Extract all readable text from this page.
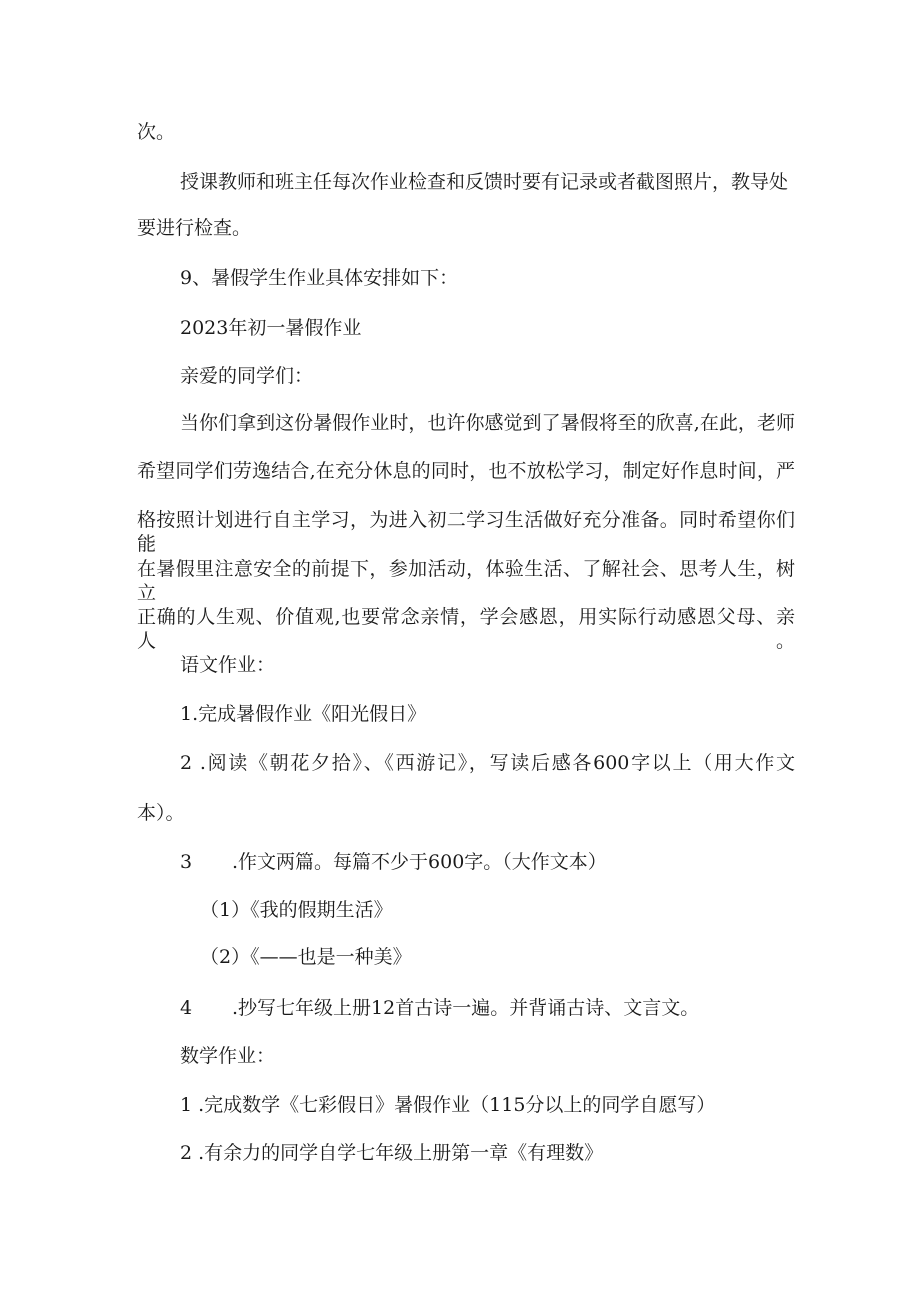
次。

授课教师和班主任每次作业检查和反馈时要有记录或者截图照片，教导处

要进行检查。

9、暑假学生作业具体安排如下：

2023年初一暑假作业

亲爱的同学们：

当你们拿到这份暑假作业时，也许你感觉到了暑假将至的欣喜,在此，老师

希望同学们劳逸结合,在充分休息的同时，也不放松学习，制定好作息时间，严

格按照计划进行自主学习，为进入初二学习生活做好充分准备。同时希望你们能

在暑假里注意安全的前提下，参加活动，体验生活、了解社会、思考人生，树立

正确的人生观、价值观,也要常念亲情，学会感恩，用实际行动感恩父母、亲人。

语文作业：

1.完成暑假作业《阳光假日》

2 .阅读《朝花夕拾》、《西游记》，写读后感各600字以上（用大作文

本）。

3 .作文两篇。每篇不少于600字。（大作文本）

（1）《我的假期生活》

（2）《——也是一种美》

4 .抄写七年级上册12首古诗一遍。并背诵古诗、文言文。

数学作业：

1 .完成数学《七彩假日》暑假作业（115分以上的同学自愿写）

2 .有余力的同学自学七年级上册第一章《有理数》
